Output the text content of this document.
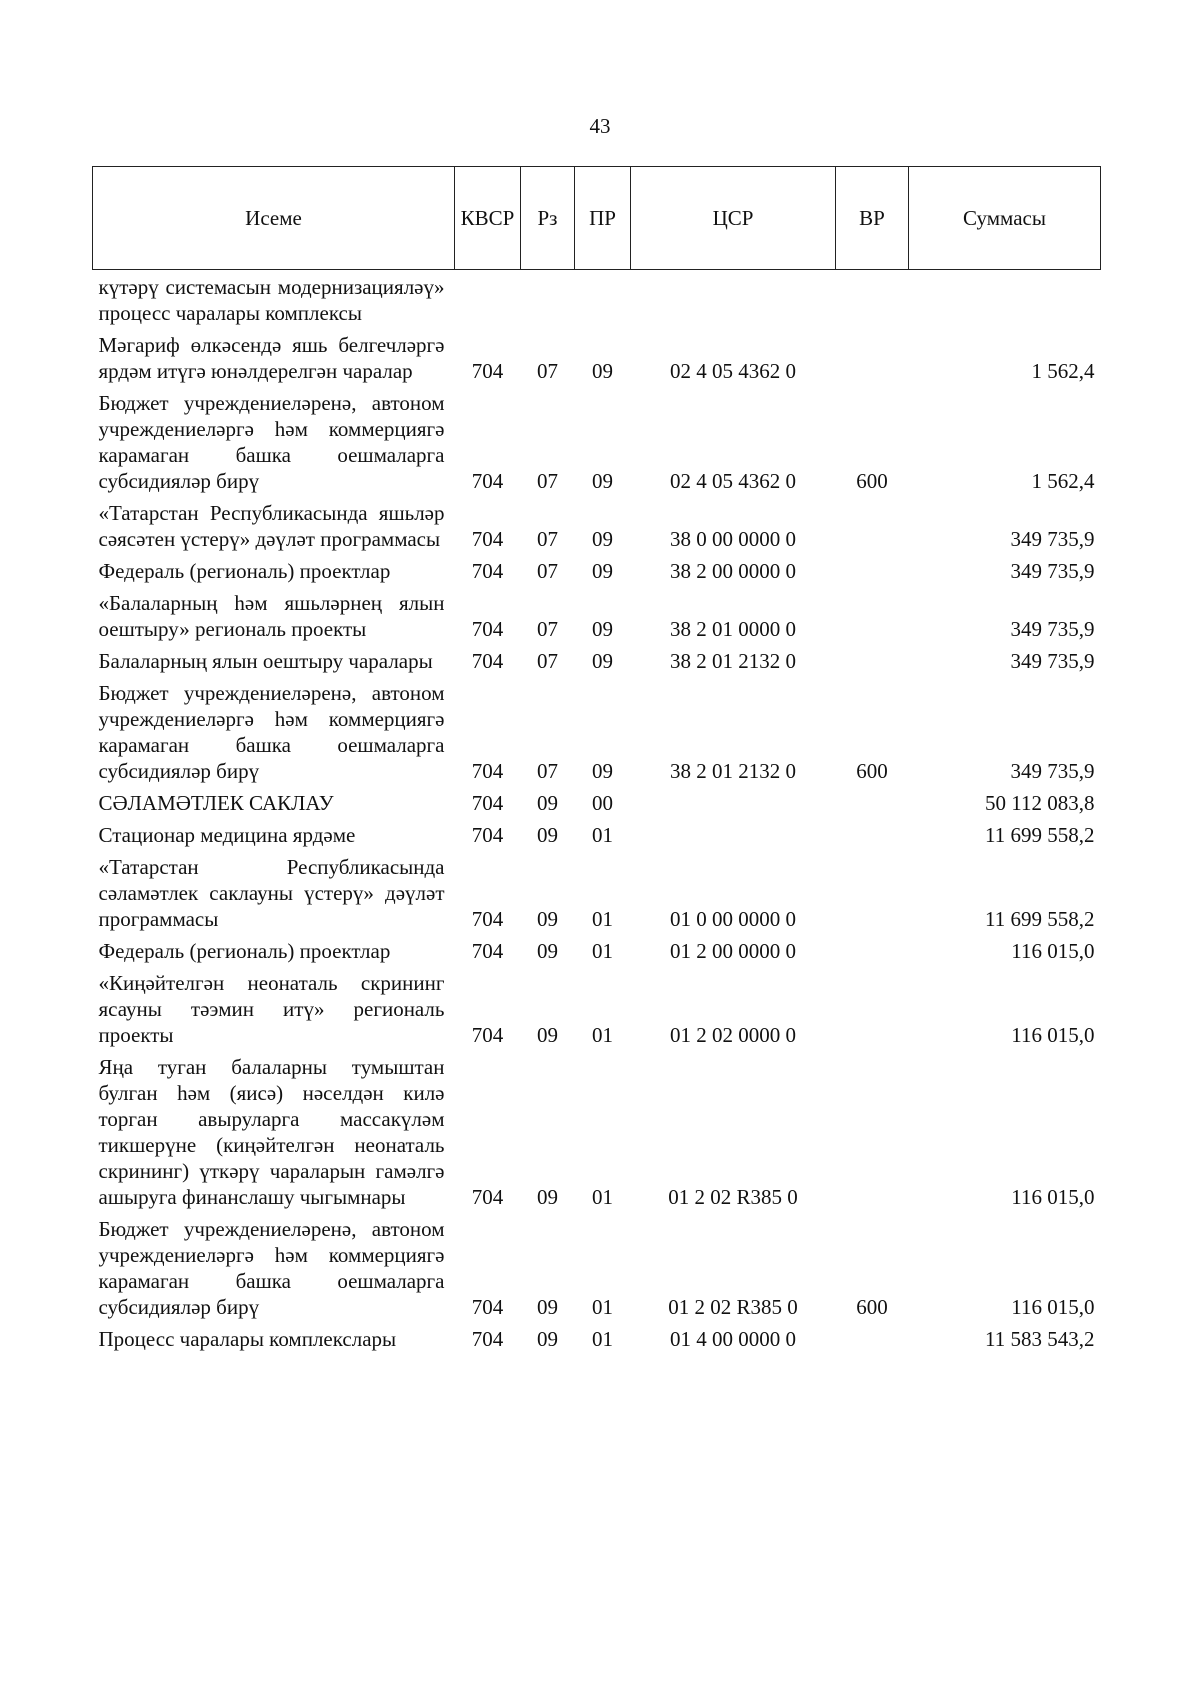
43
Исеме	КВСР	Рз	ПР	ЦСР	ВР	Суммасы
күтәрү системасын модернизацияләү» процесс чаралары комплексы						
Мәгариф өлкәсендә яшь белгечләргә ярдәм итүгә юнәлдерелгән чаралар	704	07	09	02 4 05 4362 0		1 562,4
Бюджет учреждениеләренә, автоном учреждениеләргә һәм коммерциягә карамаган башка оешмаларга субсидияләр бирү	704	07	09	02 4 05 4362 0	600	1 562,4
«Татарстан Республикасында яшьләр сәясәтен үстерү» дәүләт программасы	704	07	09	38 0 00 0000 0		349 735,9
Федераль (региональ) проектлар	704	07	09	38 2 00 0000 0		349 735,9
«Балаларның һәм яшьләрнең ялын оештыру» региональ проекты	704	07	09	38 2 01 0000 0		349 735,9
Балаларның ялын оештыру чаралары	704	07	09	38 2 01 2132 0		349 735,9
Бюджет учреждениеләренә, автоном учреждениеләргә һәм коммерциягә карамаган башка оешмаларга субсидияләр бирү	704	07	09	38 2 01 2132 0	600	349 735,9
СӘЛАМӘТЛЕК САКЛАУ	704	09	00			50 112 083,8
Стационар медицина ярдәме	704	09	01			11 699 558,2
«Татарстан Республикасында сәламәтлек саклауны үстерү» дәүләт программасы	704	09	01	01 0 00 0000 0		11 699 558,2
Федераль (региональ) проектлар	704	09	01	01 2 00 0000 0		116 015,0
«Киңәйтелгән неонаталь скрининг ясауны тәэмин итү» региональ проекты	704	09	01	01 2 02 0000 0		116 015,0
Яңа туган балаларны тумыштан булган һәм (яисә) нәселдән килә торган авыруларга массакүләм тикшерүне (киңәйтелгән неонаталь скрининг) үткәрү чараларын гамәлгә ашыруга финанслашу чыгымнары	704	09	01	01 2 02 R385 0		116 015,0
Бюджет учреждениеләренә, автоном учреждениеләргә һәм коммерциягә карамаган башка оешмаларга субсидияләр бирү	704	09	01	01 2 02 R385 0	600	116 015,0
Процесс чаралары комплекслары	704	09	01	01 4 00 0000 0		11 583 543,2
